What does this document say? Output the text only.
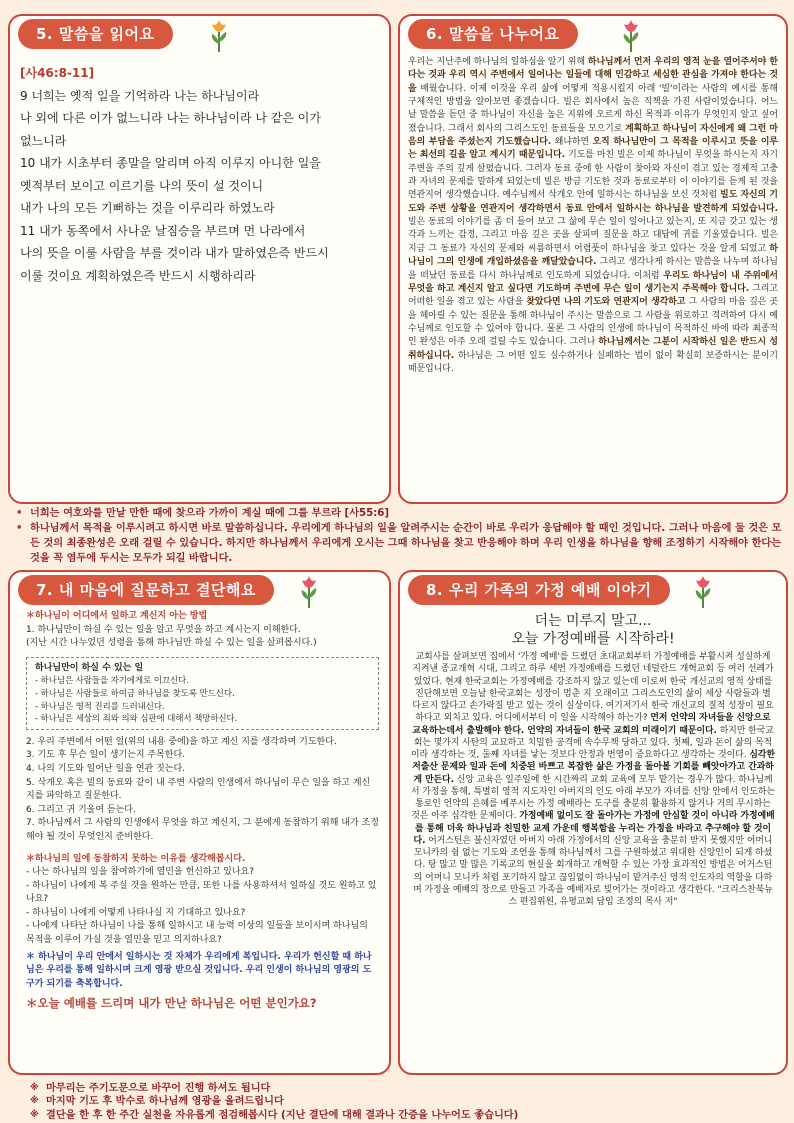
5. 말씀을 읽어요
[사46:8-11]
9 너희는 옛적 일을 기억하라 나는 하나님이라
나 외에 다른 이가 없느니라 나는 하나님이라 나 같은 이가
없느니라
10 내가 시초부터 종말을 알리며 아직 이루지 아니한 일을
옛적부터 보이고 이르기를 나의 뜻이 설 것이니
내가 나의 모든 기뻐하는 것을 이루리라 하였노라
11 내가 동쪽에서 사나운 날짐승을 부르며 먼 나라에서
나의 뜻을 이룰 사람을 부를 것이라 내가 말하였은즉 반드시
이룰 것이요 계획하였은즉 반드시 시행하리라
6. 말씀을 나누어요
우리는 지난주에 하나님의 일하심을 알기 위해 하나님께서 먼저 우리의 영적 눈을 열어주셔야 한다는 것과 우리 역시 주변에서 일어나는 일들에 대해 민감하고 세심한 관심을 가져야 한다는 것을 배웠습니다. 이제 이것을 우리 삶에 어떻게 적용시킬지 아래 '빌'이라는 사람의 예시를 통해 구체적인 방법을 알아보면 좋겠습니다. 빌은 회사에서 높은 직책을 가진 사람이었습니다. 어느 날 말씀을 듣던 중 하나님이 자신을 높은 지위에 오르게 하신 목적과 이유가 무엇인지 알고 싶어졌습니다. 그래서 회사의 그리스도인 동료들을 모으기로 계획하고 하나님이 자신에게 왜 그런 마음의 부담을 주셨는지 기도했습니다. 왜냐하면 오직 하나님만이 그 목적을 이루시고 뜻을 이루는 최선의 길을 알고 계시기 때문입니다. 기도를 마친 빌은 이제 하나님이 무엇을 하시는지 자기 주변을 주의 깊게 살폈습니다. 그러자 동료 중에 한 사람이 찾아와 자신이 겪고 있는 경제적 고충과 자녀의 문제를 말하게 되었는데 빌은 방금 기도한 것과 동료로부터 이 이야기를 듣게 된 것을 연관지어 생각했습니다. 예수님께서 삭개오 안에 일하시는 하나님을 보신 것처럼 빌도 자신의 기도와 주변 상황을 연관지어 생각하면서 동료 안에서 일하시는 하나님을 발견하게 되었습니다. 빌은 동료의 이야기를 좀 더 들어 보고 그 삶에 무슨 일이 일어나고 있는지, 또 지금 갖고 있는 생각과 느끼는 감정, 그리고 마음 깊은 곳을 살피며 질문을 하고 대답에 귀를 기울였습니다. 빌은 지금 그 동료가 자신의 문제와 씨름하면서 어렴풋이 하나님을 찾고 있다는 것을 알게 되었고 하나님이 그의 인생에 개입하셨음을 깨달았습니다. 그리고 생각나게 하시는 말씀을 나누며 하나님을 떠났던 동료를 다시 하나님께로 인도하게 되었습니다. 이처럼 우리도 하나님이 내 주위에서 무엇을 하고 계신지 알고 싶다면 기도하며 주변에 무슨 일이 생기는지 주목해야 합니다. 그리고 어떠한 일을 겪고 있는 사람을 찾았다면 나의 기도와 연관지어 생각하고 그 사람의 마음 깊은 곳을 헤아릴 수 있는 질문을 통해 하나님이 주시는 말씀으로 그 사람을 위로하고 격려하여 다시 예수님께로 인도할 수 있어야 합니다. 물론 그 사람의 인생에 하나님이 목적하신 바에 따라 최종적인 완성은 아주 오래 걸릴 수도 있습니다. 그러나 하나님께서는 그분이 시작하신 일은 반드시 성취하십니다. 하나님은 그 어떤 일도 실수하거나 실패하는 법이 없이 확실히 보증하시는 분이기 때문입니다.
• 너희는 여호와를 만날 만한 때에 찾으라 가까이 계실 때에 그를 부르라 [사55:6]
• 하나님께서 목적을 이루시려고 하시면 바로 말씀하십니다. 우리에게 하나님의 일을 알려주시는 순간이 바로 우리가 응답해야 할 때인 것입니다. 그러나 마음에 둘 것은 모든 것의 최종완성은 오래 걸릴 수 있습니다. 하지만 하나님께서 우리에게 오시는 그때 하나님을 찾고 반응해야 하며 우리 인생을 하나님을 향해 조정하기 시작해야 한다는 것을 꼭 염두에 두시는 모두가 되길 바랍니다.
7. 내 마음에 질문하고 결단해요
＊하나님이 어디에서 일하고 계신지 아는 방법
1. 하나님만이 하실 수 있는 일을 알고 무엇을 하고 계시는지 이해한다.
(지난 시간 나누었던 성령을 통해 하나님만 하실 수 있는 일을 살펴봅시다.)
하나님만이 하실 수 있는 일
- 하나님은 사람들을 자기에게로 이끄신다.
- 하나님은 사람들로 하여금 하나님을 찾도록 만드신다.
- 하나님은 영적 진리를 드러내신다.
- 하나님은 세상의 죄와 의와 심판에 대해서 책망하신다.
2. 우리 주변에서 어떤 일(위의 내용 중에)을 하고 계신 지를 생각하며 기도한다.
3. 기도 후 무슨 일이 생기는지 주목한다.
4. 나의 기도와 일어난 일을 연관 짓는다.
5. 삭개오 혹은 빌의 동료와 같이 내 주변 사람의 인생에서 하나님이 무슨 일을 하고 계신 지를 파악하고 질문한다.
6. 그리고 귀 기울여 듣는다.
7. 하나님께서 그 사람의 인생에서 무엇을 하고 계신지, 그 분에게 동참하기 위해 내가 조정해야 될 것이 무엇인지 준비한다.
＊하나님의 일에 동참하지 못하는 이유를 생각해봅시다.
- 나는 하나님의 일을 참여하기에 열민을 헌신하고 있나요?
- 하나님이 나에게 복 주실 것을 원하는 만큼, 또한 나를 사용하셔서 일하실 것도 원하고 있나요?
- 하나님이 나에게 어떻게 나타나실 지 기대하고 있나요?
- 나에게 나타난 하나님이 나를 통해 일하시고 내 능력 이상의 일들을 보이시며 하나님의 목적을 이루어 가실 것을 열민을 믿고 의지하나요?
＊ 하나님이 우리 안에서 일하시는 것 자체가 우리에게 복입니다. 우리가 헌신할 때 하나님은 우리를 통해 일하시며 크게 영광 받으실 것입니다. 우리 인생이 하나님의 영광의 도구가 되기를 축복합니다.
＊오늘 예배를 드리며 내가 만난 하나님은 어떤 분인가요?
8. 우리 가족의 가정 예배 이야기
더는 미루지 말고...
오늘 가정예배를 시작하라!
교회사를 살펴보면 집에서 '가정 예배'를 드렸던 초대교회부터 가정예배를 부활시켜 성실하게 지켜낸 종교개혁 시대, 그리고 하루 세번 가정예배를 드렸던 네덜란드 개혁교회 등 여러 선례가 있었다. 현재 한국교회는 가정예배를 강조하지 않고 있는데 이로써 한국 개신교의 영적 상태를 진단해보면 오늘날 한국교회는 성장이 멈춘 지 오래이고 그리스도인의 삶이 세상 사람들과 별 다르지 않다고 손가락질 받고 있는 것이 실상이다. 여기저기서 한국 개신교의 질적 성장이 필요하다고 외치고 있다. 어디에서부터 이 일을 시작해야 하는가? 먼저 언약의 자녀들을 신앙으로 교육하는데서 출발해야 한다. 언약의 자녀들이 한국 교회의 미래이기 때문이다. 하지만 한국교회는 몇가지 사탄의 교묘하고 치밀한 공격에 속수무책 당하고 있다. 첫째, 일과 돈이 삶의 목적이라 생각하는 것, 둘째 자녀를 낳는 것보다 안정과 번영이 중요하다고 생각하는 것이다. 심각한 저출산 문제와 일과 돈에 치중된 바쁘고 복잡한 삶은 가정을 돌아볼 기회를 빼앗아가고 간과하게 만든다. 신앙 교육은 일주일에 한 시간짜리 교회 교육에 모두 맡기는 경우가 많다. 하나님께서 가정을 통해, 특별히 영적 지도자인 아버지의 인도 아래 부모가 자녀를 신앙 안에서 인도하는 통로인 언약의 은혜를 베푸시는 가정 예배라는 도구를 충분히 활용하지 않거나 거의 무시하는 것은 아주 심각한 문제이다. 가정예배 없이도 잘 돌아가는 가정에 안심할 것이 아니라 가정예배를 통해 더욱 하나님과 친밀한 교제 가운데 행복함을 누리는 가정을 바라고 추구해야 할 것이다. 어거스틴은 불신자였던 아버지 아래 가정에서의 신앙 교육을 충분히 받지 못했지만 어머니 모니카의 쉼 없는 기도와 조언을 통해 하나님께서 그를 구원하셨고 위대한 신앙인이 되게 하셨다. 탕 많고 말 많은 기록교의 현실을 회개하고 개혁할 수 있는 가장 효과적인 방법은 어거스틴의 어머니 모니카 처럼 포기하지 않고 끊임없이 하나님이 맡겨주신 영적 인도자의 역할을 다하며 가정을 예배의 장으로 만들고 가족을 예배자로 빚어가는 것이라고 생각한다. "크리스찬북뉴스 편집위원, 유평교회 담임 조정의 목사 저"
※ 마무리는 주기도문으로 바꾸어 진행 하셔도 됩니다
※ 마지막 기도 후 박수로 하나님께 영광을 올려드립니다
※ 결단을 한 후 한 주간 실천을 자유롭게 점검해봅시다 (지난 결단에 대해 결과나 간증을 나누어도 좋습니다)
